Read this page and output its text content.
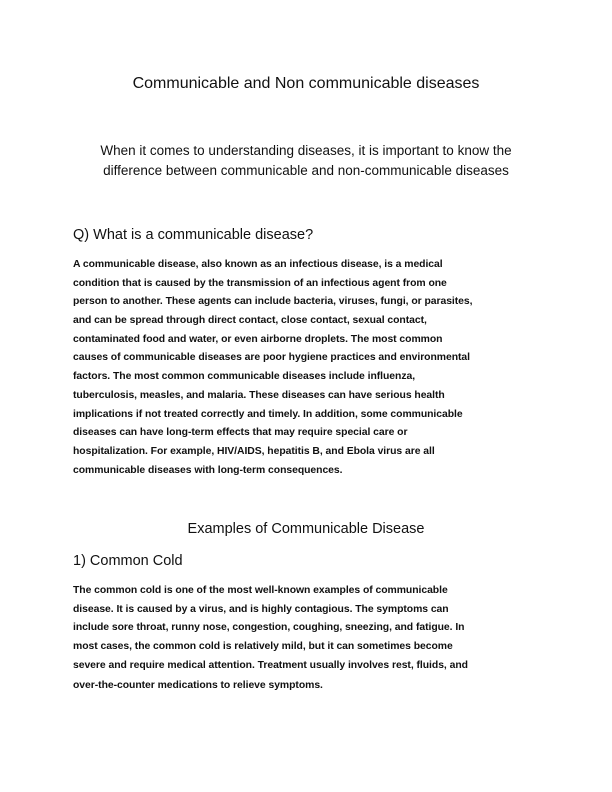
Communicable and Non communicable diseases
When it comes to understanding diseases, it is important to know the
difference between communicable and non-communicable diseases
Q) What is a communicable disease?
A communicable disease, also known as an infectious disease, is a medical
condition that is caused by the transmission of an infectious agent from one
person to another. These agents can include bacteria, viruses, fungi, or parasites,
and can be spread through direct contact, close contact, sexual contact,
contaminated food and water, or even airborne droplets. The most common
causes of communicable diseases are poor hygiene practices and environmental
factors. The most common communicable diseases include influenza,
tuberculosis, measles, and malaria. These diseases can have serious health
implications if not treated correctly and timely. In addition, some communicable
diseases can have long-term effects that may require special care or
hospitalization. For example, HIV/AIDS, hepatitis B, and Ebola virus are all
communicable diseases with long-term consequences.
Examples of Communicable Disease
1) Common Cold
The common cold is one of the most well-known examples of communicable
disease. It is caused by a virus, and is highly contagious. The symptoms can
include sore throat, runny nose, congestion, coughing, sneezing, and fatigue. In
most cases, the common cold is relatively mild, but it can sometimes become
severe and require medical attention. Treatment usually involves rest, fluids, and
over-the-counter medications to relieve symptoms.
